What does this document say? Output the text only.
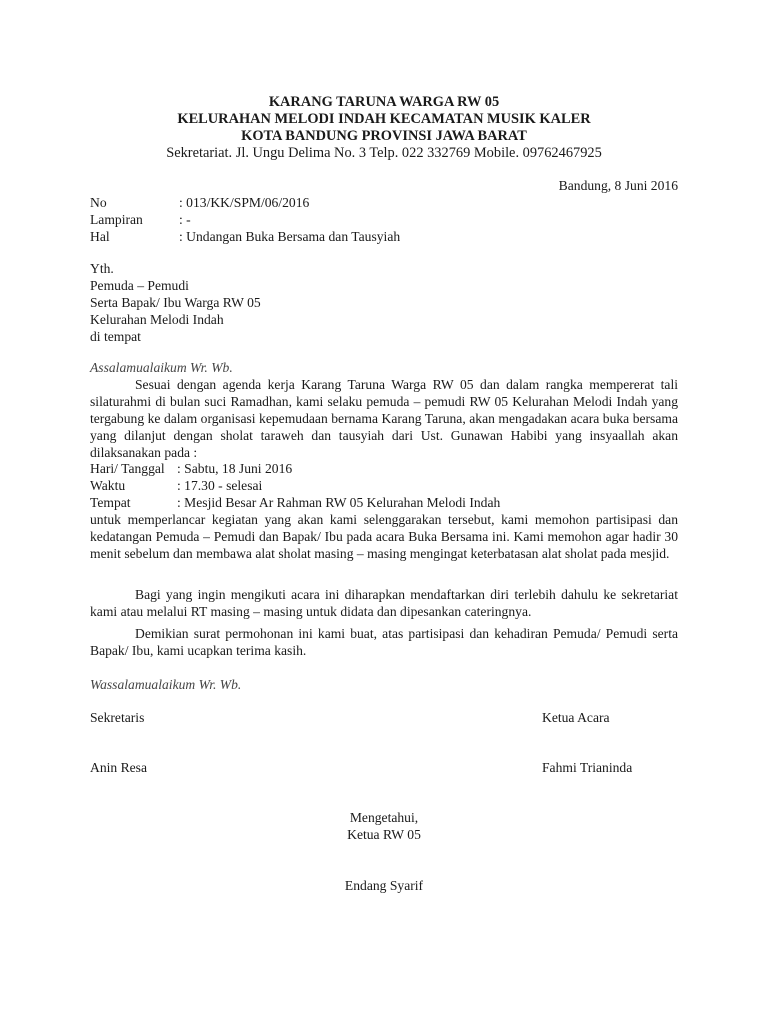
KARANG TARUNA WARGA RW 05
KELURAHAN MELODI INDAH KECAMATAN MUSIK KALER
KOTA BANDUNG PROVINSI JAWA BARAT
Sekretariat. Jl. Ungu Delima No. 3 Telp. 022 332769 Mobile. 09762467925
Bandung, 8 Juni 2016
No	: 013/KK/SPM/06/2016
Lampiran	: -
Hal	: Undangan Buka Bersama dan Tausyiah
Yth.
Pemuda – Pemudi
Serta Bapak/ Ibu Warga RW 05
Kelurahan Melodi Indah
di tempat
Assalamualaikum Wr. Wb.
Sesuai dengan agenda kerja Karang Taruna Warga RW 05 dan dalam rangka mempererat tali silaturahmi di bulan suci Ramadhan, kami selaku pemuda – pemudi RW 05 Kelurahan Melodi Indah yang tergabung ke dalam organisasi kepemudaan bernama Karang Taruna, akan mengadakan acara buka bersama yang dilanjut dengan sholat taraweh dan tausyiah dari Ust. Gunawan Habibi yang insyaallah akan dilaksanakan pada :
Hari/ Tanggal : Sabtu, 18 Juni 2016
Waktu	: 17.30 - selesai
Tempat	: Mesjid Besar Ar Rahman RW 05 Kelurahan Melodi Indah
untuk memperlancar kegiatan yang akan kami selenggarakan tersebut, kami memohon partisipasi dan kedatangan Pemuda – Pemudi dan Bapak/ Ibu pada acara Buka Bersama ini. Kami memohon agar hadir 30 menit sebelum dan membawa alat sholat masing – masing mengingat keterbatasan alat sholat pada mesjid.
Bagi yang ingin mengikuti acara ini diharapkan mendaftarkan diri terlebih dahulu ke sekretariat kami atau melalui RT masing – masing untuk didata dan dipesankan cateringnya.
Demikian surat permohonan ini kami buat, atas partisipasi dan kehadiran Pemuda/ Pemudi serta Bapak/ Ibu, kami ucapkan terima kasih.
Wassalamualaikum Wr. Wb.
Sekretaris
Anin Resa
Ketua Acara
Fahmi Trianinda
Mengetahui,
Ketua RW 05
Endang Syarif
